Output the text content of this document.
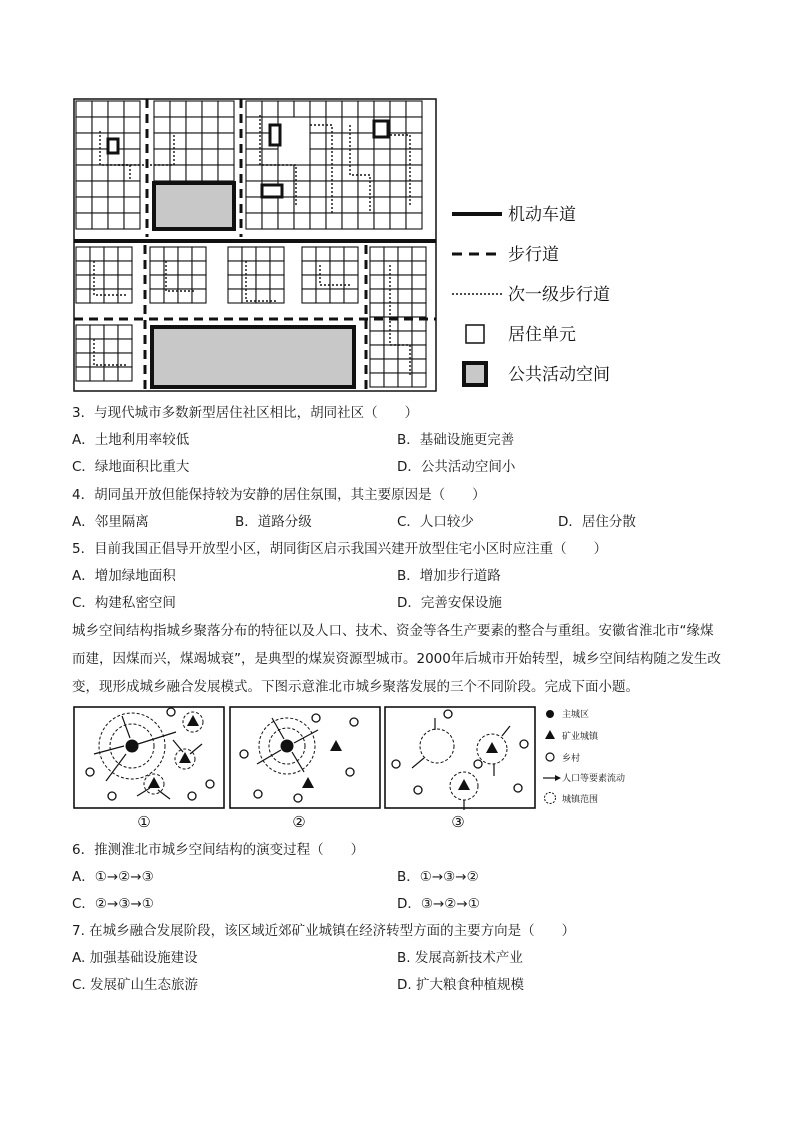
机动车道
步行道
次一级步行道
居住单元
公共活动空间
3．与现代城市多数新型居住社区相比，胡同社区（　　）
A．土地利用率较低	B．基础设施更完善
C．绿地面积比重大	D．公共活动空间小
4．胡同虽开放但能保持较为安静的居住氛围，其主要原因是（　　）
A．邻里隔离	B．道路分级	C．人口较少	D．居住分散
5．目前我国正倡导开放型小区，胡同街区启示我国兴建开放型住宅小区时应注重（　　）
A．增加绿地面积	B．增加步行道路
C．构建私密空间	D．完善安保设施
城乡空间结构指城乡聚落分布的特征以及人口、技术、资金等各生产要素的整合与重组。安徽省淮北市“缘煤而建，因煤而兴，煤竭城衰”，是典型的煤炭资源型城市。2000年后城市开始转型，城乡空间结构随之发生改变，现形成城乡融合发展模式。下图示意淮北市城乡聚落发展的三个不同阶段。完成下面小题。
①	②	③
主城区
矿业城镇
乡村
人口等要素流动
城镇范围
6．推测淮北市城乡空间结构的演变过程（　　）
A．①→②→③	B．①→③→②
C．②→③→①	D．③→②→①
7. 在城乡融合发展阶段，该区域近郊矿业城镇在经济转型方面的主要方向是（　　）
A. 加强基础设施建设	B. 发展高新技术产业
C. 发展矿山生态旅游	D. 扩大粮食种植规模
